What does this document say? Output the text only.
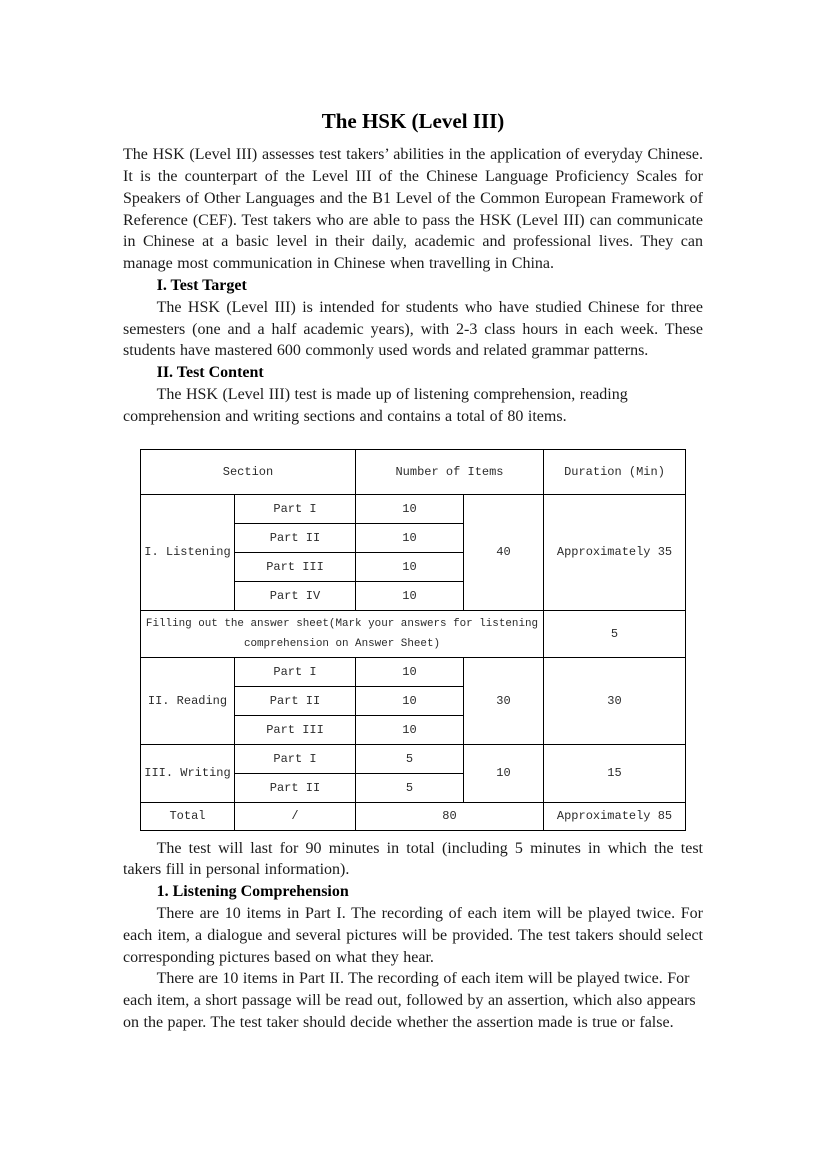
The HSK (Level III)

The HSK (Level III) assesses test takers’ abilities in the application of everyday Chinese. It is the counterpart of the Level III of the Chinese Language Proficiency Scales for Speakers of Other Languages and the B1 Level of the Common European Framework of Reference (CEF). Test takers who are able to pass the HSK (Level III) can communicate in Chinese at a basic level in their daily, academic and professional lives. They can manage most communication in Chinese when travelling in China.

I. Test Target

The HSK (Level III) is intended for students who have studied Chinese for three semesters (one and a half academic years), with 2-3 class hours in each week. These students have mastered 600 commonly used words and related grammar patterns.

II. Test Content

The HSK (Level III) test is made up of listening comprehension, reading comprehension and writing sections and contains a total of 80 items.

Section		Number of Items		Duration (Min)
I. Listening	Part I	10	40	Approximately 35
	Part II	10		
	Part III	10		
	Part IV	10		
Filling out the answer sheet(Mark your answers for listening comprehension on Answer Sheet)				5
II. Reading	Part I	10	30	30
	Part II	10		
	Part III	10		
III. Writing	Part I	5	10	15
	Part II	5		
Total	/	80		Approximately 85

The test will last for 90 minutes in total (including 5 minutes in which the test takers fill in personal information).

1. Listening Comprehension

There are 10 items in Part I. The recording of each item will be played twice. For each item, a dialogue and several pictures will be provided. The test takers should select corresponding pictures based on what they hear.

There are 10 items in Part II. The recording of each item will be played twice. For each item, a short passage will be read out, followed by an assertion, which also appears on the paper. The test taker should decide whether the assertion made is true or false.
